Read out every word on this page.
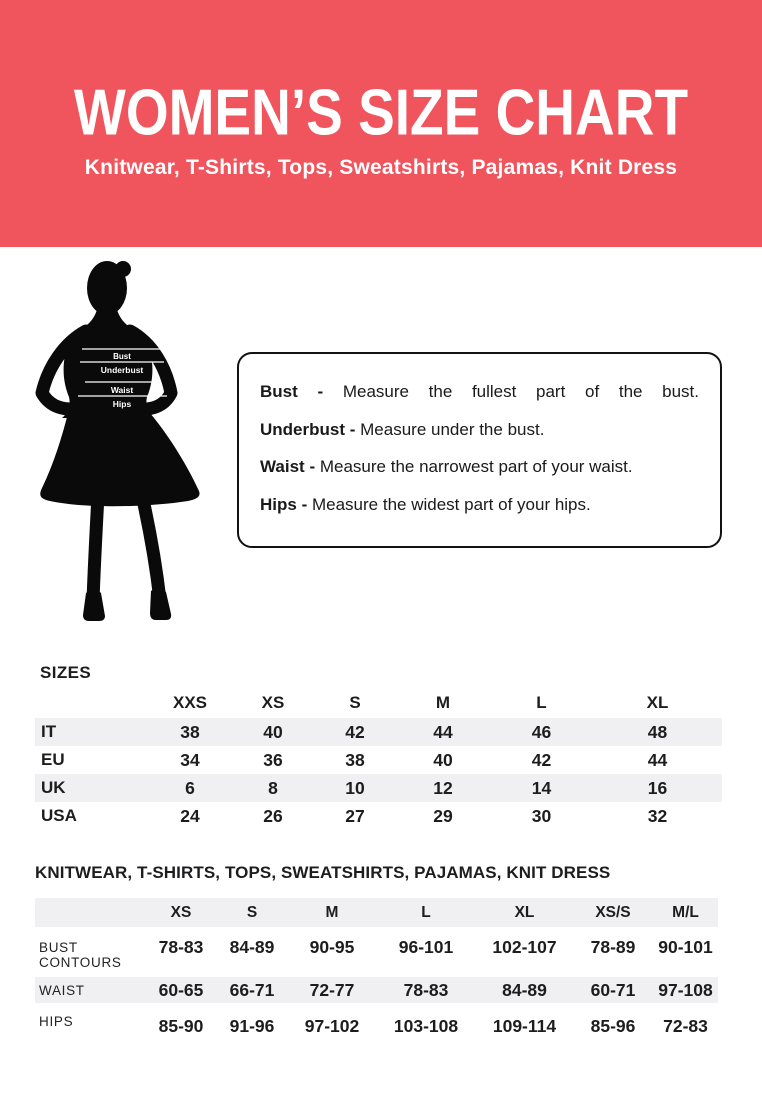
WOMEN’S SIZE CHART
Knitwear, T-Shirts, Tops, Sweatshirts, Pajamas, Knit Dress
Bust
Underbust
Waist
Hips
Bust - Measure the fullest part of the bust.
Underbust - Measure under the bust.
Waist - Measure the narrowest part of your waist.
Hips - Measure the widest part of your hips.
SIZES
	XXS	XS	S	M	L	XL
IT	38	40	42	44	46	48
EU	34	36	38	40	42	44
UK	6	8	10	12	14	16
USA	24	26	27	29	30	32
KNITWEAR, T-SHIRTS, TOPS, SWEATSHIRTS, PAJAMAS, KNIT DRESS
	XS	S	M	L	XL	XS/S	M/L
BUST CONTOURS	78-83	84-89	90-95	96-101	102-107	78-89	90-101
WAIST	60-65	66-71	72-77	78-83	84-89	60-71	97-108
HIPS	85-90	91-96	97-102	103-108	109-114	85-96	72-83
